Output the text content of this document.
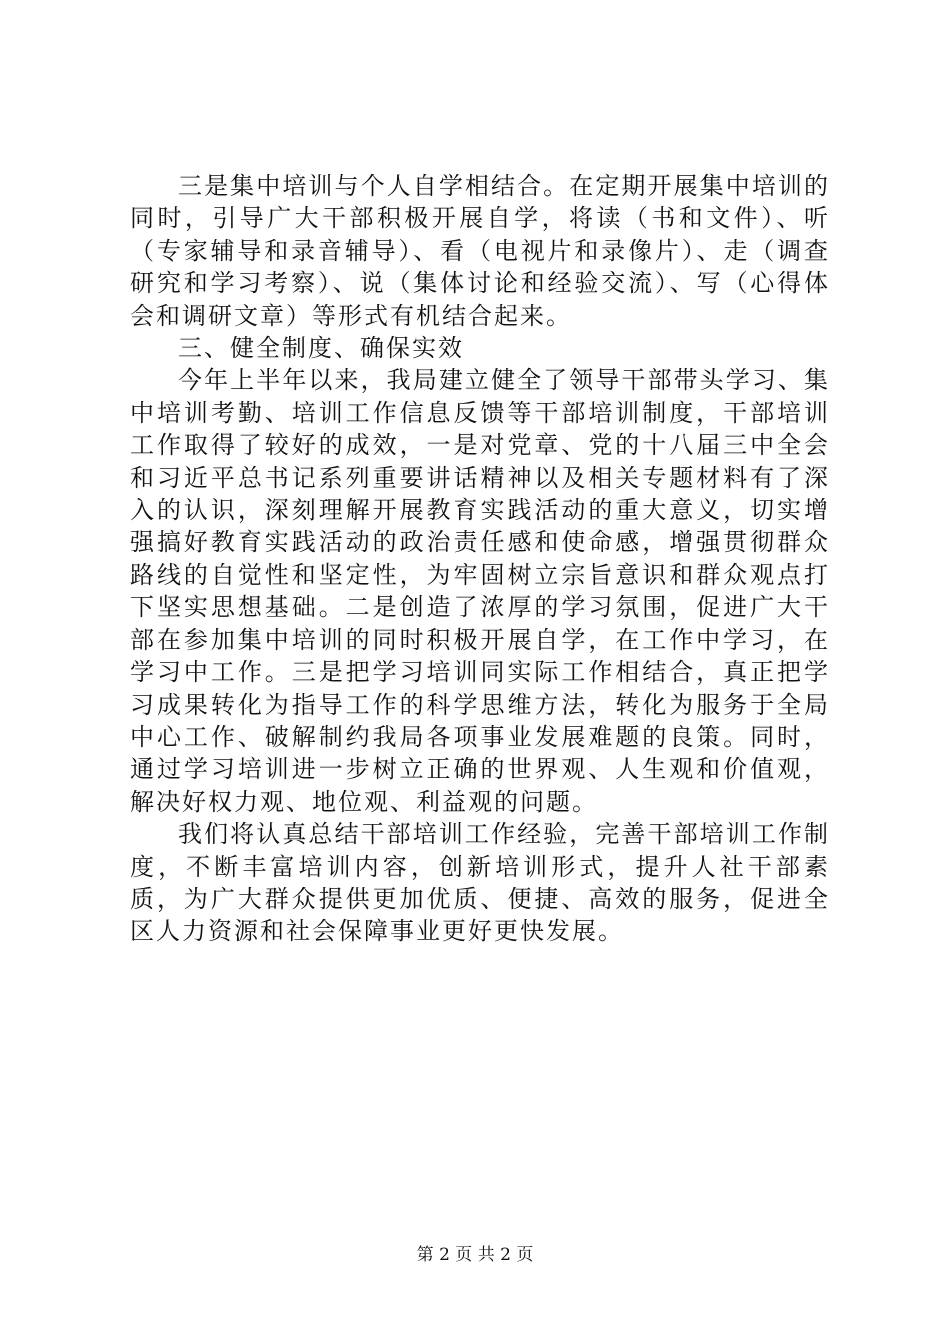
三是集中培训与个人自学相结合。在定期开展集中培训的同时，引导广大干部积极开展自学，将读（书和文件）、听（专家辅导和录音辅导）、看（电视片和录像片）、走（调查研究和学习考察）、说（集体讨论和经验交流）、写（心得体会和调研文章）等形式有机结合起来。

三、健全制度、确保实效

今年上半年以来，我局建立健全了领导干部带头学习、集中培训考勤、培训工作信息反馈等干部培训制度，干部培训工作取得了较好的成效，一是对党章、党的十八届三中全会和习近平总书记系列重要讲话精神以及相关专题材料有了深入的认识，深刻理解开展教育实践活动的重大意义，切实增强搞好教育实践活动的政治责任感和使命感，增强贯彻群众路线的自觉性和坚定性，为牢固树立宗旨意识和群众观点打下坚实思想基础。二是创造了浓厚的学习氛围，促进广大干部在参加集中培训的同时积极开展自学，在工作中学习，在学习中工作。三是把学习培训同实际工作相结合，真正把学习成果转化为指导工作的科学思维方法，转化为服务于全局中心工作、破解制约我局各项事业发展难题的良策。同时，通过学习培训进一步树立正确的世界观、人生观和价值观，解决好权力观、地位观、利益观的问题。

我们将认真总结干部培训工作经验，完善干部培训工作制度，不断丰富培训内容，创新培训形式，提升人社干部素质，为广大群众提供更加优质、便捷、高效的服务，促进全区人力资源和社会保障事业更好更快发展。

第 2 页 共 2 页
